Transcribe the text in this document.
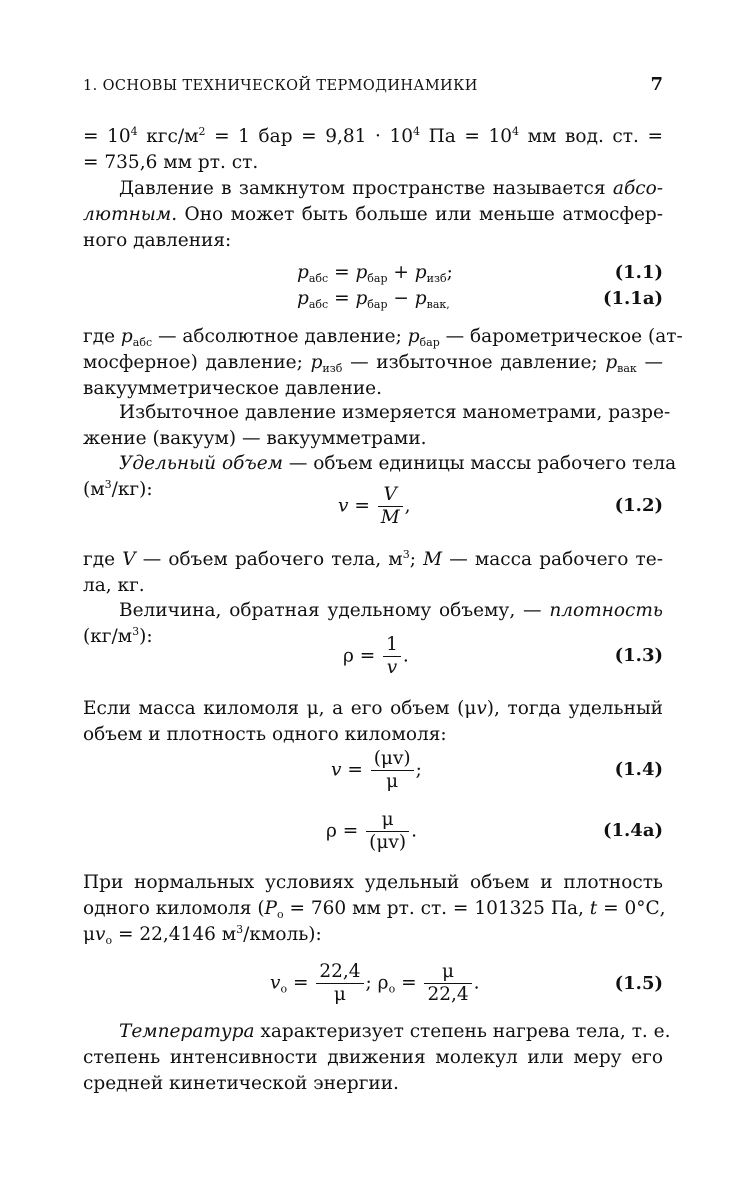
1. ОСНОВЫ ТЕХНИЧЕСКОЙ ТЕРМОДИНАМИКИ	7
= $10^4$ кгс/$м^2 = 1$ бар = $9,81 \cdot 10^4$ Па = $10^4$ мм вод. ст. =
= 735,6 мм рт. ст.
Давление в замкнутом пространстве называется абсо-
лютным. Оно может быть больше или меньше атмосфер-
ного давления:
$p_{абс} = p_{бар} + p_{изб}$;	(1.1)
$p_{абс} = p_{бар} - p_{вак,}$	(1.1a)
где $p_{абс}$ — абсолютное давление; $p_{бар}$ — барометрическое (ат-
мосферное) давление; $p_{изб}$ — избыточное давление; $p_{вак}$ —
вакуумметрическое давление.
Избыточное давление измеряется манометрами, разре-
жение (вакуум) — вакуумметрами.
Удельный объем — объем единицы массы рабочего тела
$(м^3/кг)$:
$v = \frac{V}{M}$ ,	(1.2)
где V — объем рабочего тела, $м^3$; M — масса рабочего те-
ла, кг.
Величина, обратная удельному объему, — плотность
$(кг/м^3)$:
$\rho = \frac{1}{v}$ .	(1.3)
Если масса киломоля μ, а его объем (μv), тогда удельный
объем и плотность одного киломоля:
$v = \frac{(\mu v)}{\mu}$ ;	(1.4)
$\rho = \frac{\mu}{(\mu v)}$ .	(1.4a)
При нормальных условиях удельный объем и плотность
одного киломоля ($P_o = 760$ мм рт. ст. = 101325 Па, t = 0°С,
$\mu v_o = 22,4146$ $м^3/кмоль$):
$v_o = \frac{22,4}{\mu}$ ; $\rho_o = \frac{\mu}{22,4}$ .	(1.5)
Температура характеризует степень нагрева тела, т. е.
степень интенсивности движения молекул или меру его
средней кинетической энергии.
